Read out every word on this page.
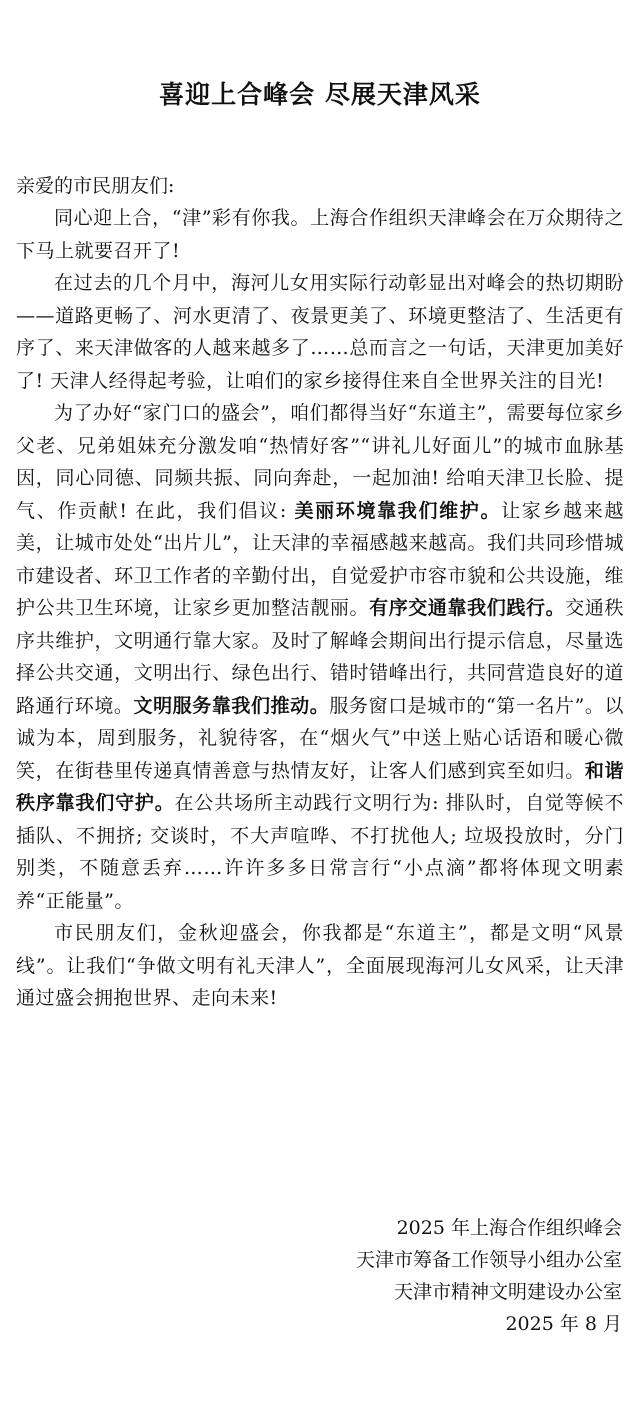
喜迎上合峰会 尽展天津风采

亲爱的市民朋友们:

同心迎上合，“津”彩有你我。上海合作组织天津峰会在万众期待之下马上就要召开了!

在过去的几个月中，海河儿女用实际行动彰显出对峰会的热切期盼——道路更畅了、河水更清了、夜景更美了、环境更整洁了、生活更有序了、来天津做客的人越来越多了……总而言之一句话，天津更加美好了! 天津人经得起考验，让咱们的家乡接得住来自全世界关注的目光!

为了办好“家门口的盛会”，咱们都得当好“东道主”，需要每位家乡父老、兄弟姐妹充分激发咱“热情好客”“讲礼儿好面儿”的城市血脉基因，同心同德、同频共振、同向奔赴，一起加油! 给咱天津卫长脸、提气、作贡献! 在此，我们倡议: 美丽环境靠我们维护。让家乡越来越美，让城市处处“出片儿”，让天津的幸福感越来越高。我们共同珍惜城市建设者、环卫工作者的辛勤付出，自觉爱护市容市貌和公共设施，维护公共卫生环境，让家乡更加整洁靓丽。有序交通靠我们践行。交通秩序共维护，文明通行靠大家。及时了解峰会期间出行提示信息，尽量选择公共交通，文明出行、绿色出行、错时错峰出行，共同营造良好的道路通行环境。文明服务靠我们推动。服务窗口是城市的“第一名片”。以诚为本，周到服务，礼貌待客，在“烟火气”中送上贴心话语和暖心微笑，在街巷里传递真情善意与热情友好，让客人们感到宾至如归。和谐秩序靠我们守护。在公共场所主动践行文明行为: 排队时，自觉等候不插队、不拥挤; 交谈时，不大声喧哗、不打扰他人; 垃圾投放时，分门别类，不随意丢弃……许许多多日常言行“小点滴”都将体现文明素养“正能量”。

市民朋友们，金秋迎盛会，你我都是“东道主”，都是文明“风景线”。让我们“争做文明有礼天津人”，全面展现海河儿女风采，让天津通过盛会拥抱世界、走向未来!

2025 年上海合作组织峰会
天津市筹备工作领导小组办公室
天津市精神文明建设办公室
2025 年 8 月
